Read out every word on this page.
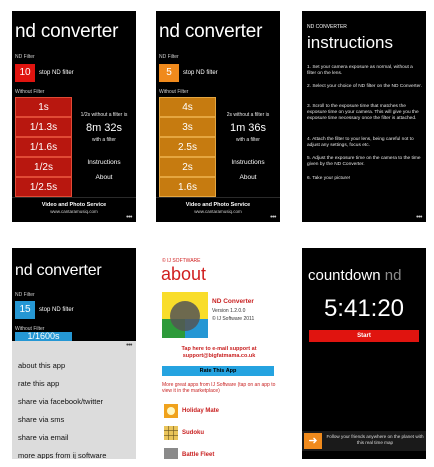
nd converter
ND Filter
10	stop ND filter
Without Filter
1s
1/1.3s
1/1.6s
1/2s
1/2.5s
1/2s without a filter is
8m 32s
with a filter
Instructions
About
Video and Photo Service
www.cantaramusiq.com
•••
nd converter
ND Filter
5	stop ND filter
Without Filter
4s
3s
2.5s
2s
1.6s
2s without a filter is
1m 36s
with a filter
Instructions
About
Video and Photo Service
www.cantaramusiq.com
•••
ND CONVERTER
instructions
1. Set your camera exposure as normal, without a filter on the lens.
2. Select your choice of ND filter on the ND Converter.
3. Scroll to the exposure time that matches the exposure time on your camera. This will give you the exposure time necessary once the filter is attached.
4. Attach the filter to your lens, being careful not to adjust any settings, focus etc.
5. Adjust the exposure time on the camera to the time given by the ND Converter.
6. Take your picture!
•••
nd converter
ND Filter
15	stop ND filter
Without Filter
1/1600s
•••
about this app
rate this app
share via facebook/twitter
share via sms
share via email
more apps from ij software
© IJ SOFTWARE
about
ND Converter
Version 1.2.0.0
© IJ Software 2011
Tap here to e-mail support at support@bigfatmama.co.uk
Rate This App
More great apps from IJ Software (tap on an app to view it in the marketplace)
Holiday Mate
Sudoku
Battle Fleet
countdown nd
5:41:20
Start
➜	Follow your friends anywhere on the planet with this real time map
